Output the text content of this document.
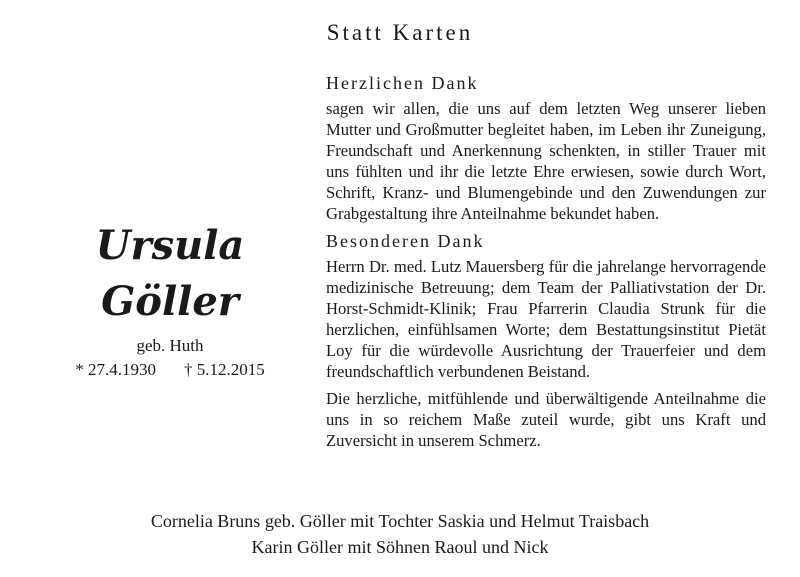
Statt Karten
Ursula Göller
geb. Huth
* 27.4.1930 † 5.12.2015
Herzlichen Dank

sagen wir allen, die uns auf dem letzten Weg unserer lieben Mutter und Großmutter begleitet haben, im Leben ihr Zuneigung, Freundschaft und Anerkennung schenkten, in stiller Trauer mit uns fühlten und ihr die letzte Ehre erwiesen, sowie durch Wort, Schrift, Kranz- und Blumengebinde und den Zuwendungen zur Grabgestaltung ihre Anteilnahme bekundet haben.

Besonderen Dank

Herrn Dr. med. Lutz Mauersberg für die jahrelange hervorragende medizinische Betreuung; dem Team der Palliativstation der Dr. Horst-Schmidt-Klinik; Frau Pfarrerin Claudia Strunk für die herzlichen, einfühlsamen Worte; dem Bestattungsinstitut Pietät Loy für die würdevolle Ausrichtung der Trauerfeier und dem freundschaftlich verbundenen Beistand.

Die herzliche, mitfühlende und überwältigende Anteilnahme die uns in so reichem Maße zuteil wurde, gibt uns Kraft und Zuversicht in unserem Schmerz.

Cornelia Bruns geb. Göller mit Tochter Saskia und Helmut Traisbach
Karin Göller mit Söhnen Raoul und Nick
